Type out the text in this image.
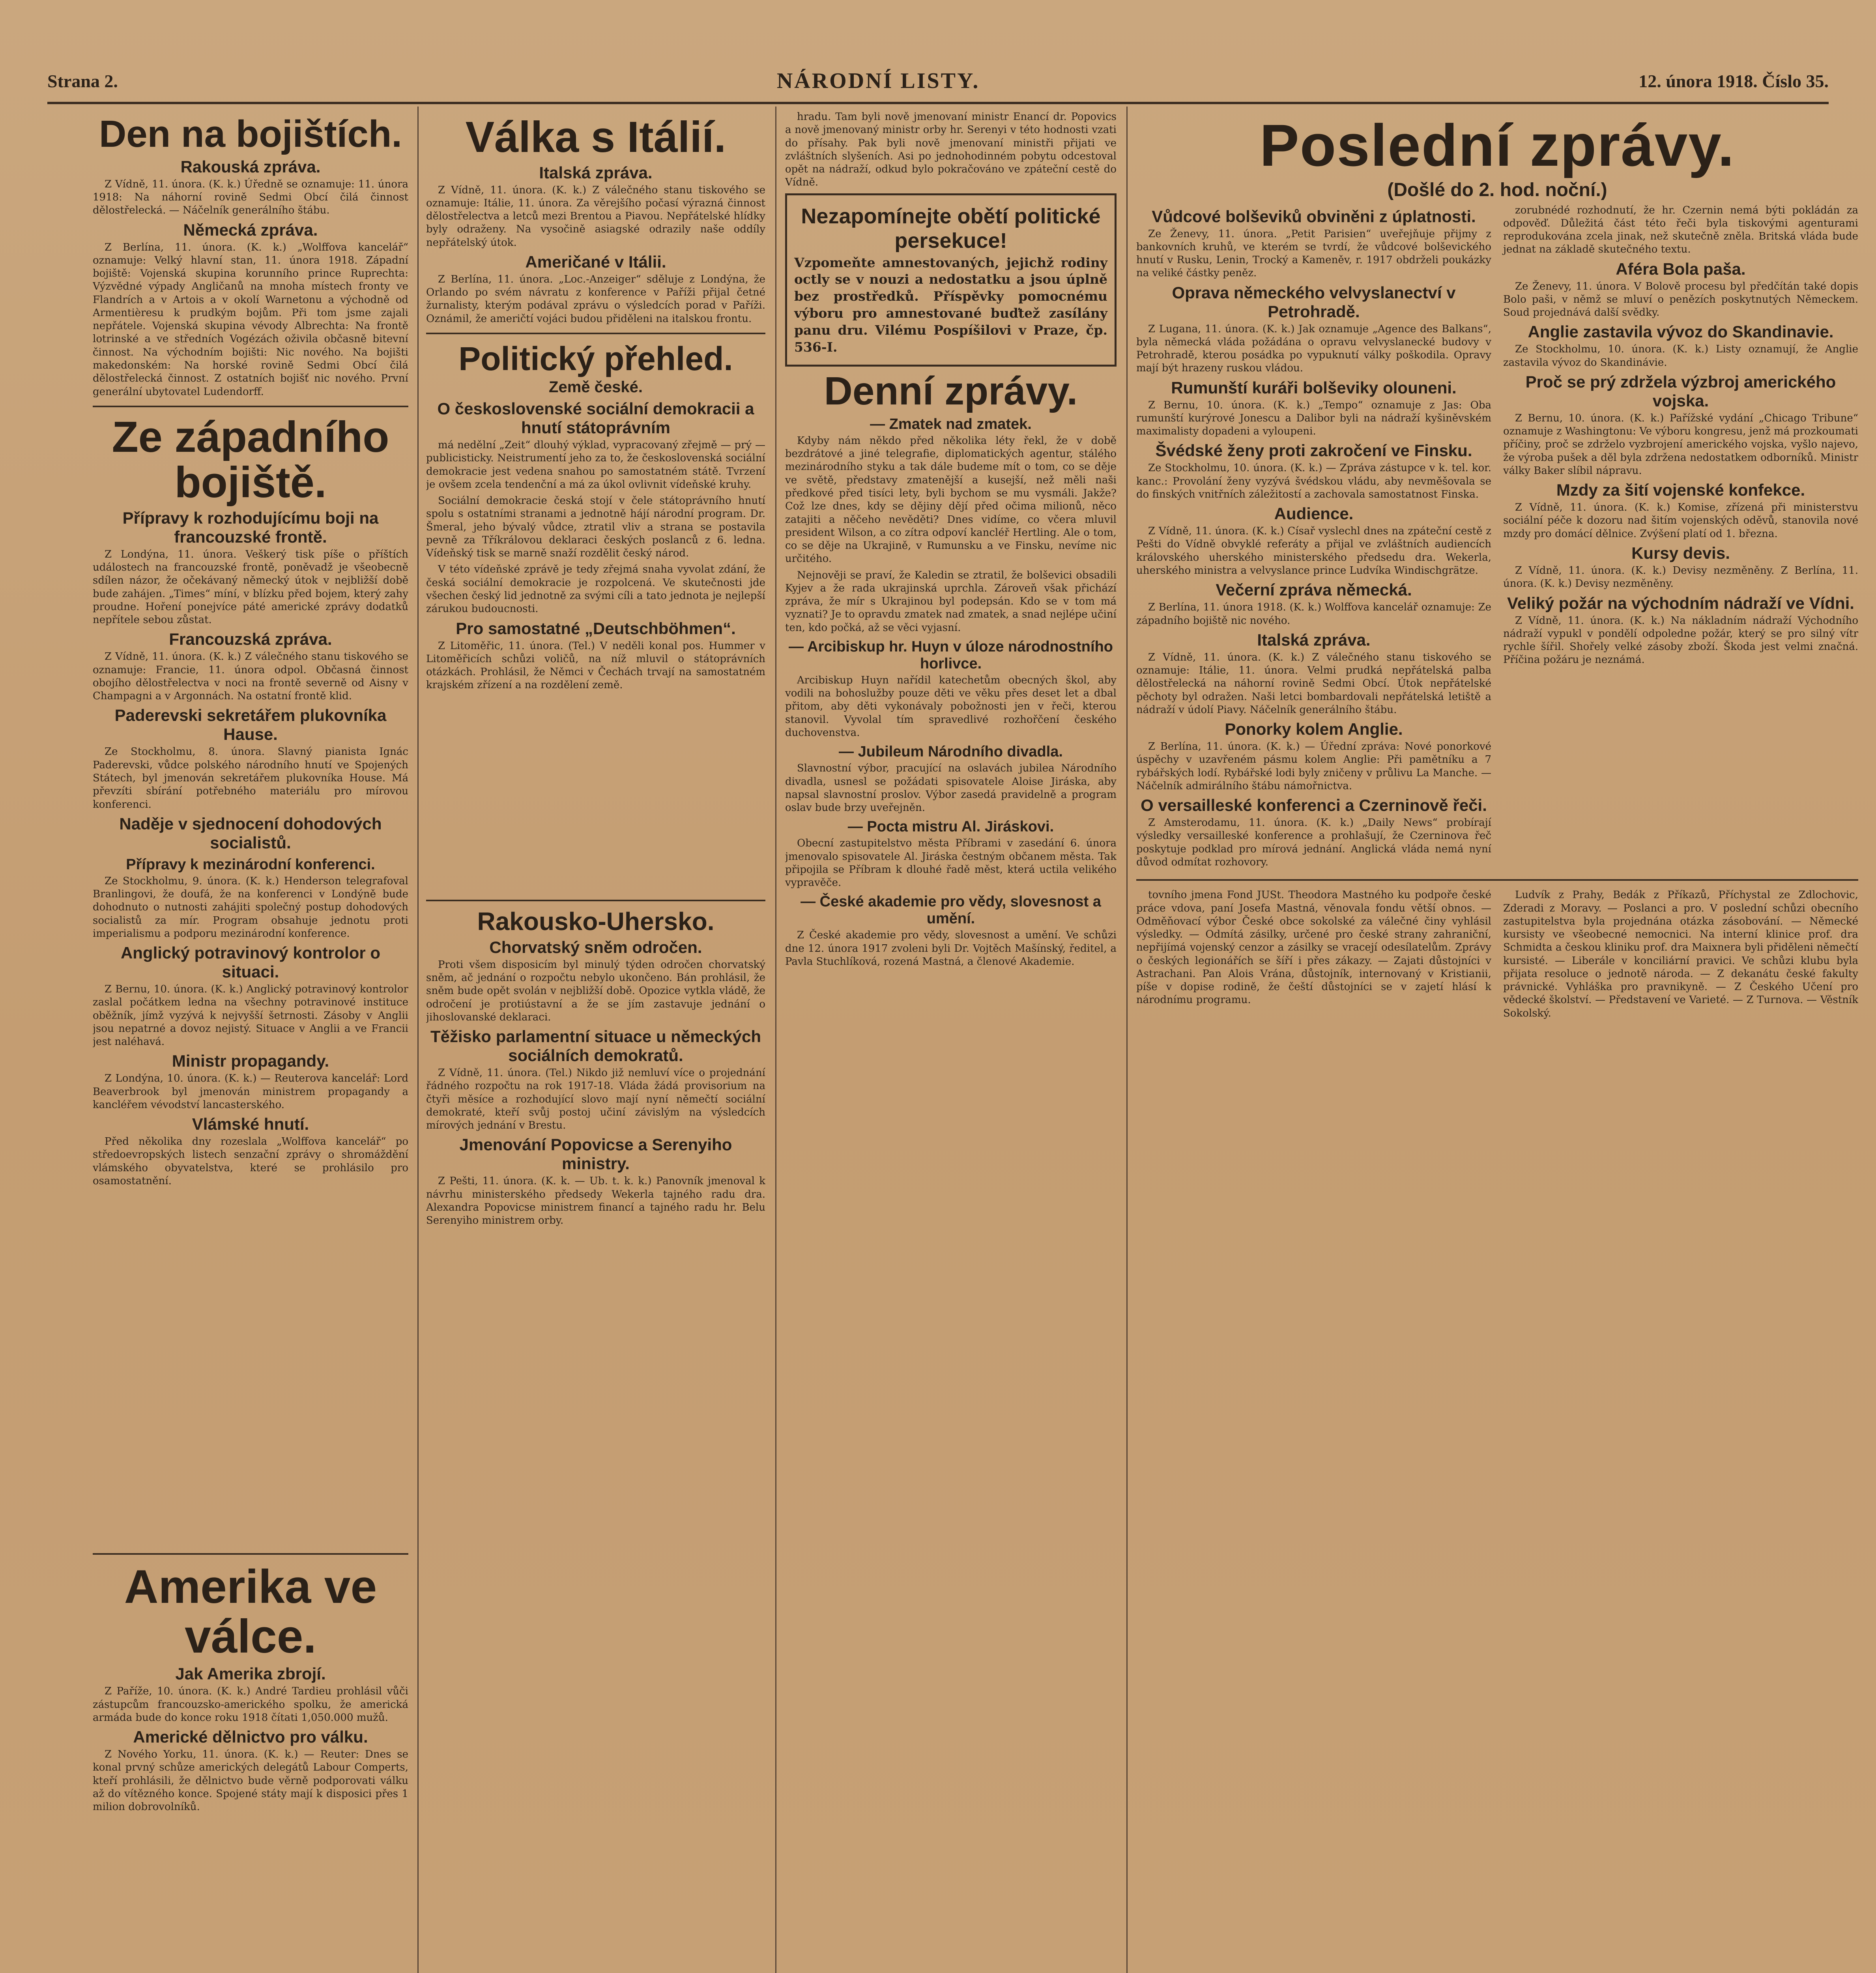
Strana 2.	NÁRODNÍ LISTY.	12. února 1918. Číslo 35.
Den na bojištích.
Rakouská zpráva.

Z Vídně, 11. února. (K. k.) Úředně se oznamuje: 11. února 1918: Na náhorní rovině Sedmi Obcí čilá činnost dělostřelecká. — Náčelník generálního štábu.

Německá zpráva.

Z Berlína, 11. února. (K. k.) „Wolffova kancelář“ oznamuje: Velký hlavní stan, 11. února 1918. Západní bojiště: Vojenská skupina korunního prince Ruprechta: Výzvědné výpady Angličanů na mnoha místech fronty ve Flandrích a v Artois a v okolí Warnetonu a východně od Armentièresu k prudkým bojům. Při tom jsme zajali nepřátele. Vojenská skupina vévody Albrechta: Na frontě lotrinské a ve středních Vogézách oživila občasně bitevní činnost. Na východním bojišti: Nic nového. Na bojišti makedonském: Na horské rovině Sedmi Obcí čilá dělostřelecká činnost. Z ostatních bojišť nic nového. První generální ubytovatel Ludendorff.

Ze západního bojiště.
Přípravy k rozhodujícímu boji na francouzské frontě.

Z Londýna, 11. února. Veškerý tisk píše o příštích událostech na francouzské frontě, poněvadž je všeobecně sdílen názor, že očekávaný německý útok v nejbližší době bude zahájen. „Times“ míní, v blízku před bojem, který zahy proudne. Hoření ponejvíce páté americké zprávy dodatků nepřítele sebou zůstat.

Francouzská zpráva.

Z Vídně, 11. února. (K. k.) Z válečného stanu tiskového se oznamuje: Francie, 11. února odpol. Občasná činnost obojího dělostřelectva v noci na frontě severně od Aisny v Champagni a v Argonnách. Na ostatní frontě klid.

Paderevski sekretářem plukovníka Hause.

Ze Stockholmu, 8. února. Slavný pianista Ignác Paderevski, vůdce polského národního hnutí ve Spojených Státech, byl jmenován sekretářem plukovníka House. Má převzíti sbírání potřebného materiálu pro mírovou konferenci.

Naděje v sjednocení dohodových socialistů.
Přípravy k mezinárodní konferenci.

Ze Stockholmu, 9. února. (K. k.) Henderson telegrafoval Branlingovi, že doufá, že na konferenci v Londýně bude dohodnuto o nutnosti zahájiti společný postup dohodových socialistů za mír. Program obsahuje jednotu proti imperialismu a podporu mezinárodní konference.

Anglický potravinový kontrolor o situaci.

Z Bernu, 10. února. (K. k.) Anglický potravinový kontrolor zaslal počátkem ledna na všechny potravinové instituce oběžník, jímž vyzývá k nejvyšší šetrnosti. Zásoby v Anglii jsou nepatrné a dovoz nejistý. Situace v Anglii a ve Francii jest naléhavá.

Ministr propagandy.

Z Londýna, 10. února. (K. k.) — Reuterova kancelář: Lord Beaverbrook byl jmenován ministrem propagandy a kancléřem vévodství lancasterského.

Vlámské hnutí.

Před několika dny rozeslala „Wolffova kancelář“ po středoevropských listech senzační zprávy o shromáždění vlámského obyvatelstva, které se prohlásilo pro osamostatnění.

Amerika ve válce.
Jak Amerika zbrojí.

Z Paříže, 10. února. (K. k.) André Tardieu prohlásil vůči zástupcům francouzsko-amerického spolku, že americká armáda bude do konce roku 1918 čítati 1,050.000 mužů.

Americké dělnictvo pro válku.

Z Nového Yorku, 11. února. (K. k.) — Reuter: Dnes se konal prvný schůze amerických delegátů Labour Comperts, kteří prohlásili, že dělnictvo bude věrně podporovati válku až do vítězného konce. Spojené státy mají k disposici přes 1 milion dobrovolníků.

Válka s Itálií.
Italská zpráva.

Z Vídně, 11. února. (K. k.) Z válečného stanu tiskového se oznamuje: Itálie, 11. února. Za věrejšího počasí výrazná činnost dělostřelectva a letců mezi Brentou a Piavou. Nepřátelské hlídky byly odraženy. Na vysočině asiagské odrazily naše oddíly nepřátelský útok.

Američané v Itálii.

Z Berlína, 11. února. „Loc.-Anzeiger“ sděluje z Londýna, že Orlando po svém návratu z konference v Paříži přijal četné žurnalisty, kterým podával zprávu o výsledcích porad v Paříži. Oznámil, že američtí vojáci budou přiděleni na italskou frontu.

Politický přehled.
Země české.
O československé sociální demokracii a hnutí státoprávním

má nedělní „Zeit“ dlouhý výklad, vypracovaný zřejmě — prý — publicisticky. Neistrumentí jeho za to, že československá sociální demokracie jest vedena snahou po samostatném státě. Tvrzení je ovšem zcela tendenční a má za úkol ovlivnit vídeňské kruhy.

Sociální demokracie česká stojí v čele státoprávního hnutí spolu s ostatními stranami a jednotně hájí národní program. Dr. Šmeral, jeho bývalý vůdce, ztratil vliv a strana se postavila pevně za Tříkrálovou deklaraci českých poslanců z 6. ledna. Vídeňský tisk se marně snaží rozdělit český národ.

V této vídeňské zprávě je tedy zřejmá snaha vyvolat zdání, že česká sociální demokracie je rozpolcená. Ve skutečnosti jde všechen český lid jednotně za svými cíli a tato jednota je nejlepší zárukou budoucnosti.

Pro samostatné „Deutschböhmen“.

Z Litoměřic, 11. února. (Tel.) V neděli konal pos. Hummer v Litoměřicích schůzi voličů, na níž mluvil o státoprávních otázkách. Prohlásil, že Němci v Čechách trvají na samostatném krajském zřízení a na rozdělení země.

Rakousko-Uhersko.
Chorvatský sněm odročen.

Proti všem disposicím byl minulý týden odročen chorvatský sněm, ač jednání o rozpočtu nebylo ukončeno. Bán prohlásil, že sněm bude opět svolán v nejbližší době. Opozice vytkla vládě, že odročení je protiústavní a že se jím zastavuje jednání o jihoslovanské deklaraci.

Těžisko parlamentní situace u německých sociálních demokratů.

Z Vídně, 11. února. (Tel.) Nikdo již nemluví více o projednání řádného rozpočtu na rok 1917-18. Vláda žádá provisorium na čtyři měsíce a rozhodující slovo mají nyní němečtí sociální demokraté, kteří svůj postoj učiní závislým na výsledcích mírových jednání v Brestu.

Jmenování Popovicse a Serenyiho ministry.

Z Pešti, 11. února. (K. k. — Ub. t. k. k.) Panovník jmenoval k návrhu ministerského předsedy Wekerla tajného radu dra. Alexandra Popovicse ministrem financí a tajného radu hr. Belu Serenyiho ministrem orby.

hradu. Tam byli nově jmenovaní ministr Enancí dr. Popovics a nově jmenovaný ministr orby hr. Serenyi v této hodnosti vzati do přísahy. Pak byli nově jmenovaní ministři přijati ve zvláštních slyšeních. Asi po jednohodinném pobytu odcestoval opět na nádraží, odkud bylo pokračováno ve zpáteční cestě do Vídně.

Nezapomínejte obětí politické persekuce!

Vzpomeňte amnestovaných, jejichž rodiny octly se v nouzi a nedostatku a jsou úplně bez prostředků. Příspěvky pomocnému výboru pro amnestované buďtež zasílány panu dru. Vilému Pospíšilovi v Praze, čp. 536-I.

Denní zprávy.
— Zmatek nad zmatek.

Kdyby nám někdo před několika léty řekl, že v době bezdrátové a jiné telegrafie, diplomatických agentur, stálého mezinárodního styku a tak dále budeme mít o tom, co se děje ve světě, představy zmatenější a kusejší, než měli naši předkové před tisíci lety, byli bychom se mu vysmáli. Jakže? Což lze dnes, kdy se dějiny dějí před očima milionů, něco zatajiti a něčeho nevěděti? Dnes vidíme, co včera mluvil president Wilson, a co zítra odpoví kancléř Hertling. Ale o tom, co se děje na Ukrajině, v Rumunsku a ve Finsku, nevíme nic určitého.

Nejnověji se praví, že Kaledin se ztratil, že bolševici obsadili Kyjev a že rada ukrajinská uprchla. Zároveň však přichází zpráva, že mír s Ukrajinou byl podepsán. Kdo se v tom má vyznati? Je to opravdu zmatek nad zmatek, a snad nejlépe učiní ten, kdo počká, až se věci vyjasní.

— Arcibiskup hr. Huyn v úloze národnostního horlivce.

Arcibiskup Huyn nařídil katechetům obecných škol, aby vodili na bohoslužby pouze děti ve věku přes deset let a dbal přitom, aby děti vykonávaly pobožnosti jen v řeči, kterou stanovil. Vyvolal tím spravedlivé rozhořčení českého duchovenstva.

— Jubileum Národního divadla.

Slavnostní výbor, pracující na oslavách jubilea Národního divadla, usnesl se požádati spisovatele Aloise Jiráska, aby napsal slavnostní proslov. Výbor zasedá pravidelně a program oslav bude brzy uveřejněn.

— Pocta mistru Al. Jiráskovi.

Obecní zastupitelstvo města Příbrami v zasedání 6. února jmenovalo spisovatele Al. Jiráska čestným občanem města. Tak připojila se Příbram k dlouhé řadě měst, která uctila velikého vypravěče.

— České akademie pro vědy, slovesnost a umění.

Z České akademie pro vědy, slovesnost a umění. Ve schůzi dne 12. února 1917 zvoleni byli Dr. Vojtěch Mašínský, ředitel, a Pavla Stuchlíková, rozená Mastná, a členové Akademie.

Poslední zprávy.
(Došlé do 2. hod. noční.)
Vůdcové bolševiků obviněni z úplatnosti.

Ze Ženevy, 11. února. „Petit Parisien“ uveřejňuje přijmy z bankovních kruhů, ve kterém se tvrdí, že vůdcové bolševického hnutí v Rusku, Lenin, Trocký a Kameněv, r. 1917 obdrželi poukázky na veliké částky peněz.

Oprava německého velvyslanectví v Petrohradě.

Z Lugana, 11. února. (K. k.) Jak oznamuje „Agence des Balkans“, byla německá vláda požádána o opravu velvyslanecké budovy v Petrohradě, kterou posádka po vypuknutí války poškodila. Opravy mají být hrazeny ruskou vládou.

Rumunští kuráři bolševiky olouneni.

Z Bernu, 10. února. (K. k.) „Tempo“ oznamuje z Jas: Oba rumunští kurýrové Jonescu a Dalibor byli na nádraží kyšiněvském maximalisty dopadeni a vyloupeni.

Švédské ženy proti zakročení ve Finsku.

Ze Stockholmu, 10. února. (K. k.) — Zpráva zástupce v k. tel. kor. kanc.: Provolání ženy vyzývá švédskou vládu, aby nevměšovala se do finských vnitřních záležitostí a zachovala samostatnost Finska.

Audience.

Z Vídně, 11. února. (K. k.) Císař vyslechl dnes na zpáteční cestě z Pešti do Vídně obvyklé referáty a přijal ve zvláštních audiencích královského uherského ministerského předsedu dra. Wekerla, uherského ministra a velvyslance prince Ludvíka Windischgrätze.

Večerní zpráva německá.

Z Berlína, 11. února 1918. (K. k.) Wolffova kancelář oznamuje: Ze západního bojiště nic nového.

Italská zpráva.

Z Vídně, 11. února. (K. k.) Z válečného stanu tiskového se oznamuje: Itálie, 11. února. Velmi prudká nepřátelská palba dělostřelecká na náhorní rovině Sedmi Obcí. Útok nepřátelské pěchoty byl odražen. Naši letci bombardovali nepřátelská letiště a nádraží v údolí Piavy. Náčelník generálního štábu.

Ponorky kolem Anglie.

Z Berlína, 11. února. (K. k.) — Úřední zpráva: Nové ponorkové úspěchy v uzavřeném pásmu kolem Anglie: Při pamětníku a 7 rybářských lodí. Rybářské lodi byly zničeny v průlivu La Manche. — Náčelník admirálního štábu námořnictva.

O versailleské konferenci a Czerninově řeči.

Z Amsterodamu, 11. února. (K. k.) „Daily News“ probírají výsledky versailleské konference a prohlašují, že Czerninova řeč poskytuje podklad pro mírová jednání. Anglická vláda nemá nyní důvod odmítat rozhovory.

zorubnédé rozhodnutí, že hr. Czernin nemá býti pokládán za odpověď. Důležitá část této řeči byla tiskovými agenturami reprodukována zcela jinak, než skutečně zněla. Britská vláda bude jednat na základě skutečného textu.

Aféra Bola paša.

Ze Ženevy, 11. února. V Bolově procesu byl předčítán také dopis Bolo paši, v němž se mluví o penězích poskytnutých Německem. Soud projednává další svědky.

Anglie zastavila vývoz do Skandinavie.

Ze Stockholmu, 10. února. (K. k.) Listy oznamují, že Anglie zastavila vývoz do Skandinávie.

Proč se prý zdržela výzbroj amerického vojska.

Z Bernu, 10. února. (K. k.) Pařížské vydání „Chicago Tribune“ oznamuje z Washingtonu: Ve výboru kongresu, jenž má prozkoumati příčiny, proč se zdrželo vyzbrojení amerického vojska, vyšlo najevo, že výroba pušek a děl byla zdržena nedostatkem odborníků. Ministr války Baker slíbil nápravu.

Mzdy za šití vojenské konfekce.

Z Vídně, 11. února. (K. k.) Komise, zřízená při ministerstvu sociální péče k dozoru nad šitím vojenských oděvů, stanovila nové mzdy pro domácí dělnice. Zvýšení platí od 1. března.

Kursy devis.

Z Vídně, 11. února. (K. k.) Devisy nezměněny. Z Berlína, 11. února. (K. k.) Devisy nezměněny.

Veliký požár na východním nádraží ve Vídni.

Z Vídně, 11. února. (K. k.) Na nákladním nádraží Východního nádraží vypukl v pondělí odpoledne požár, který se pro silný vítr rychle šířil. Shořely velké zásoby zboží. Škoda jest velmi značná. Příčina požáru je neznámá.

tovního jmena Fond JUSt. Theodora Mastného ku podpoře české práce vdova, paní Josefa Mastná, věnovala fondu větší obnos. — Odměňovací výbor České obce sokolské za válečné činy vyhlásil výsledky. — Odmítá zásilky, určené pro české strany zahraniční, nepřijímá vojenský cenzor a zásilky se vracejí odesílatelům. Zprávy o českých legionářích se šíří i přes zákazy. — Zajati důstojníci v Astrachani. Pan Alois Vrána, důstojník, internovaný v Kristianii, píše v dopise rodině, že čeští důstojníci se v zajetí hlásí k národnímu programu.

Ludvík z Prahy, Bedák z Příkazů, Příchystal ze Zdlochovic, Zderadi z Moravy. — Poslanci a pro. V poslední schůzi obecního zastupitelstva byla projednána otázka zásobování. — Německé kursisty ve všeobecné nemocnici. Na interní klinice prof. dra Schmidta a českou kliniku prof. dra Maixnera byli přiděleni němečtí kursisté. — Liberále v konciliární pravici. Ve schůzi klubu byla přijata resoluce o jednotě národa. — Z dekanátu české fakulty právnické. Vyhláška pro pravnikyně. — Z Českého Učení pro vědecké školství. — Představení ve Varieté. — Z Turnova. — Věstník Sokolský.
